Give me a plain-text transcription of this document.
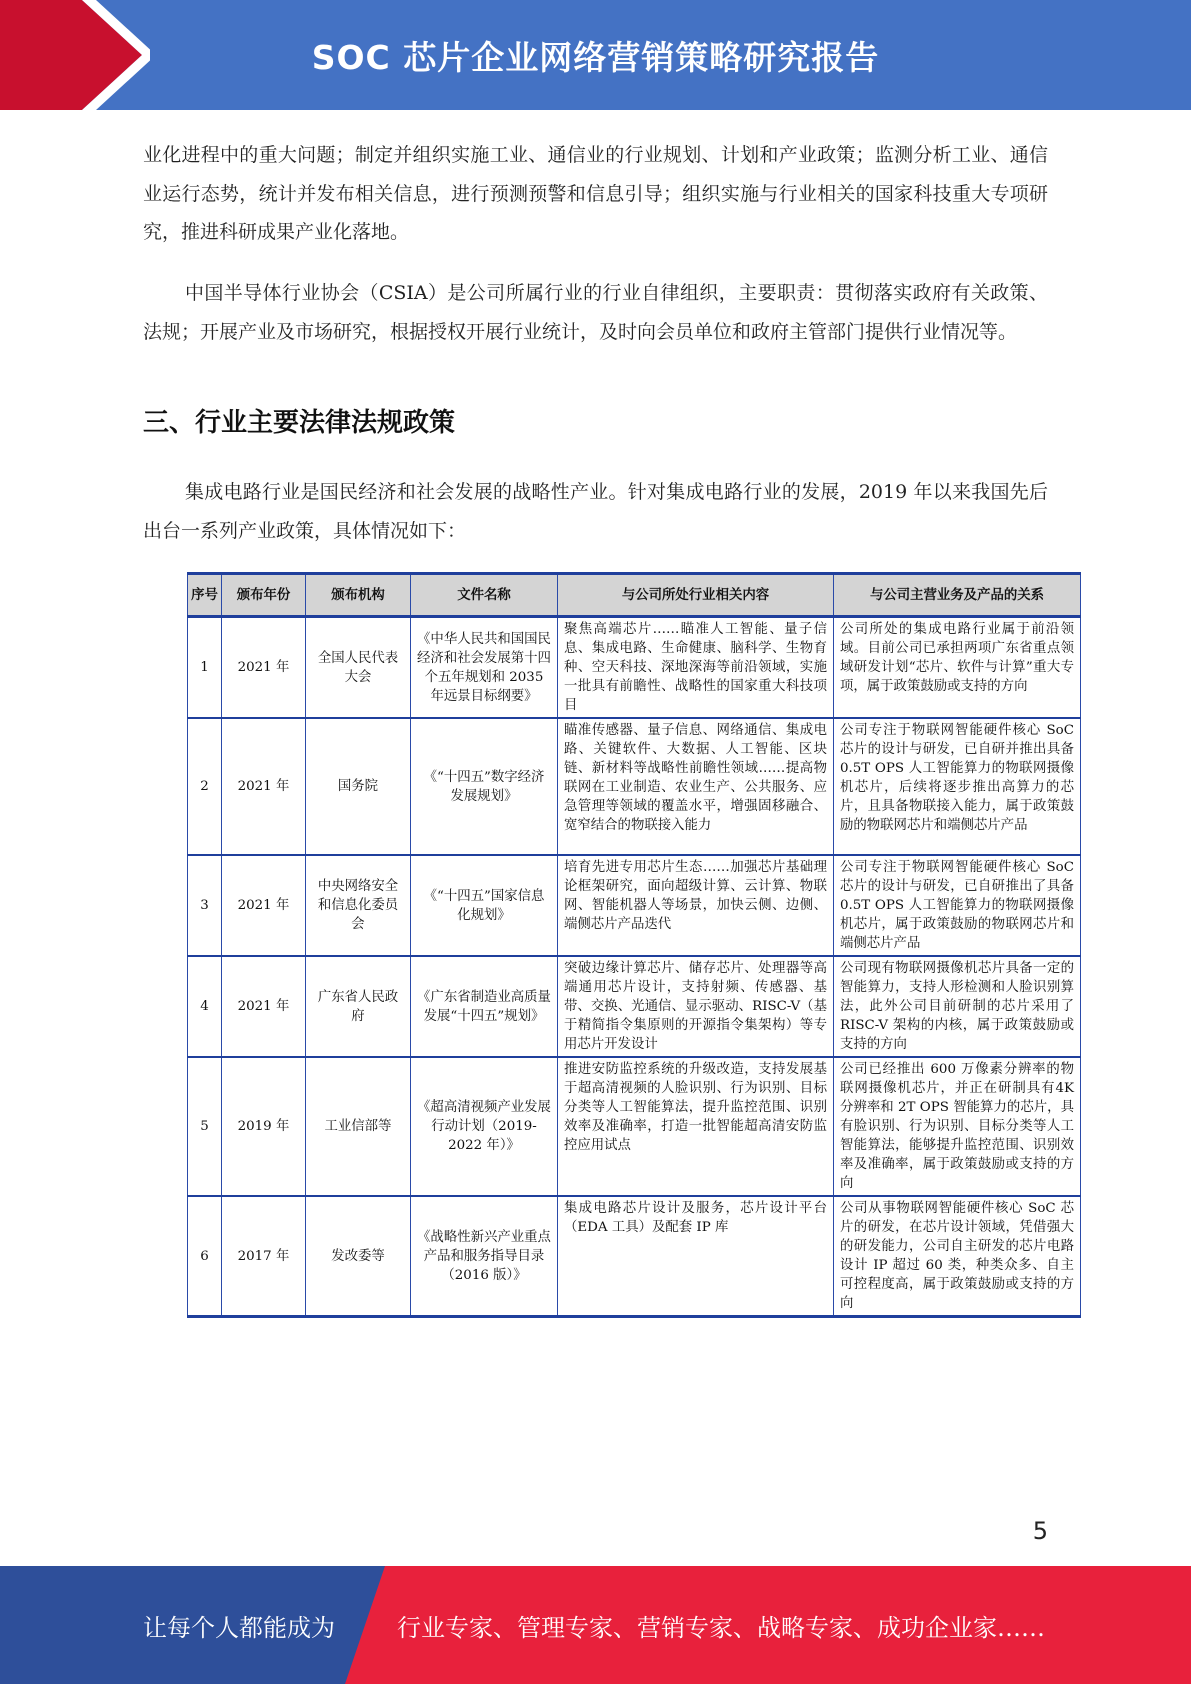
SOC 芯片企业网络营销策略研究报告

业化进程中的重大问题；制定并组织实施工业、通信业的行业规划、计划和产业政策；监测分析工业、通信业运行态势，统计并发布相关信息，进行预测预警和信息引导；组织实施与行业相关的国家科技重大专项研究，推进科研成果产业化落地。

中国半导体行业协会（CSIA）是公司所属行业的行业自律组织，主要职责：贯彻落实政府有关政策、法规；开展产业及市场研究，根据授权开展行业统计，及时向会员单位和政府主管部门提供行业情况等。

三、行业主要法律法规政策

集成电路行业是国民经济和社会发展的战略性产业。针对集成电路行业的发展，2019 年以来我国先后出台一系列产业政策，具体情况如下：

序号	颁布年份	颁布机构	文件名称	与公司所处行业相关内容	与公司主营业务及产品的关系
1	2021 年	全国人民代表大会	《中华人民共和国国民经济和社会发展第十四个五年规划和 2035 年远景目标纲要》	聚焦高端芯片……瞄准人工智能、量子信息、集成电路、生命健康、脑科学、生物育种、空天科技、深地深海等前沿领域，实施一批具有前瞻性、战略性的国家重大科技项目	公司所处的集成电路行业属于前沿领域。目前公司已承担两项广东省重点领域研发计划“芯片、软件与计算”重大专项，属于政策鼓励或支持的方向
2	2021 年	国务院	《“十四五”数字经济发展规划》	瞄准传感器、量子信息、网络通信、集成电路、关键软件、大数据、人工智能、区块链、新材料等战略性前瞻性领域……提高物联网在工业制造、农业生产、公共服务、应急管理等领域的覆盖水平，增强固移融合、宽窄结合的物联接入能力	公司专注于物联网智能硬件核心 SoC 芯片的设计与研发，已自研并推出具备 0.5T OPS 人工智能算力的物联网摄像机芯片，后续将逐步推出高算力的芯片，且具备物联接入能力，属于政策鼓励的物联网芯片和端侧芯片产品
3	2021 年	中央网络安全和信息化委员会	《“十四五”国家信息化规划》	培育先进专用芯片生态……加强芯片基础理论框架研究，面向超级计算、云计算、物联网、智能机器人等场景，加快云侧、边侧、端侧芯片产品迭代	公司专注于物联网智能硬件核心 SoC 芯片的设计与研发，已自研推出了具备 0.5T OPS 人工智能算力的物联网摄像机芯片，属于政策鼓励的物联网芯片和端侧芯片产品
4	2021 年	广东省人民政府	《广东省制造业高质量发展“十四五”规划》	突破边缘计算芯片、储存芯片、处理器等高端通用芯片设计，支持射频、传感器、基带、交换、光通信、显示驱动、RISC-V（基于精简指令集原则的开源指令集架构）等专用芯片开发设计	公司现有物联网摄像机芯片具备一定的智能算力，支持人形检测和人脸识别算法，此外公司目前研制的芯片采用了 RISC-V 架构的内核，属于政策鼓励或支持的方向
5	2019 年	工业信部等	《超高清视频产业发展行动计划（2019-2022 年）》	推进安防监控系统的升级改造，支持发展基于超高清视频的人脸识别、行为识别、目标分类等人工智能算法，提升监控范围、识别效率及准确率，打造一批智能超高清安防监控应用试点	公司已经推出 600 万像素分辨率的物联网摄像机芯片，并正在研制具有4K 分辨率和 2T OPS 智能算力的芯片，具有脸识别、行为识别、目标分类等人工智能算法，能够提升监控范围、识别效率及准确率，属于政策鼓励或支持的方向
6	2017 年	发改委等	《战略性新兴产业重点产品和服务指导目录（2016 版）》	集成电路芯片设计及服务，芯片设计平台（EDA 工具）及配套 IP 库	公司从事物联网智能硬件核心 SoC 芯片的研发，在芯片设计领域，凭借强大的研发能力，公司自主研发的芯片电路设计 IP 超过 60 类，种类众多、自主可控程度高，属于政策鼓励或支持的方向
5
让每个人都能成为	行业专家、管理专家、营销专家、战略专家、成功企业家……
